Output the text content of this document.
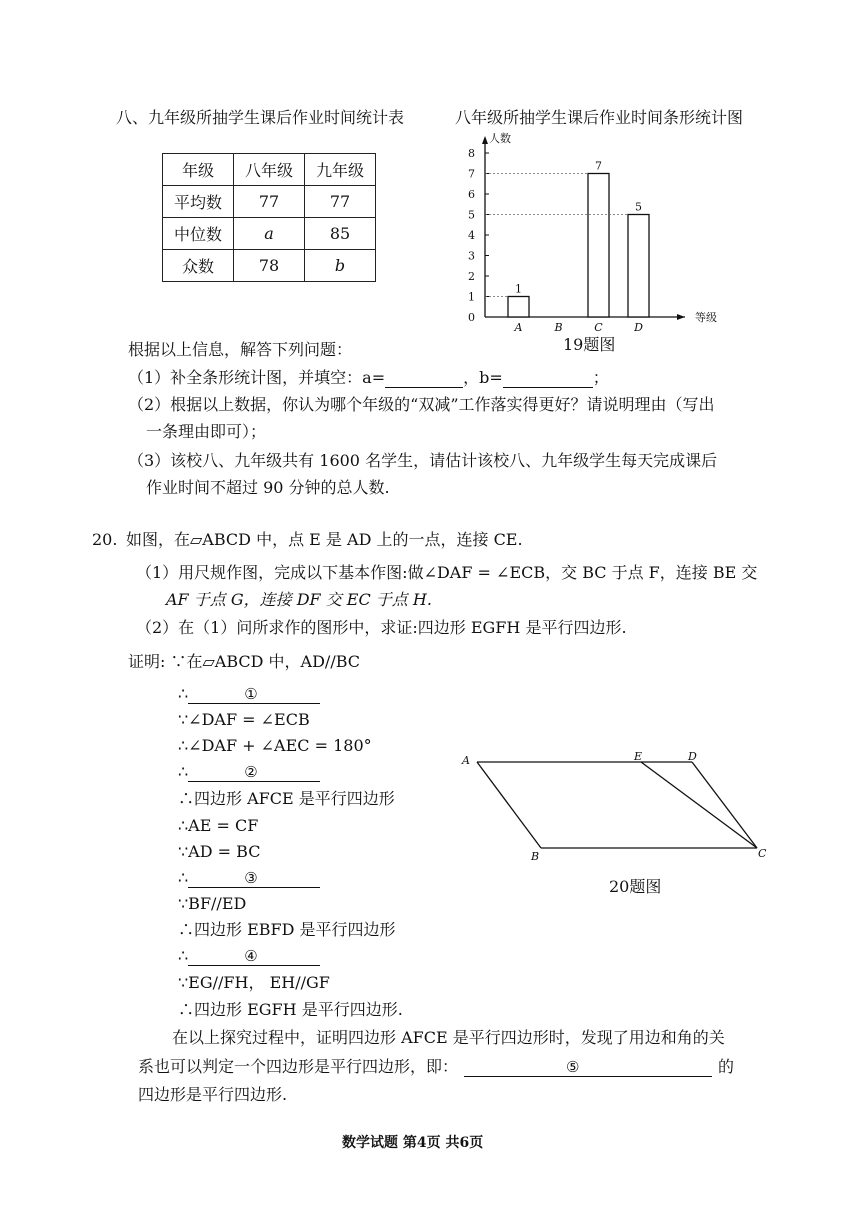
八、九年级所抽学生课后作业时间统计表
年级	八年级	九年级
平均数	77	77
中位数	a	85
众数	78	b
八年级所抽学生课后作业时间条形统计图
人数
等级
0
1
2
3
4
5
6
7
8
A
1
B	C
7
D
5
19题图
根据以上信息，解答下列问题：
（1）补全条形统计图，并填空：a=	，b=	；
（2）根据以上数据，你认为哪个年级的“双减”工作落实得更好？请说明理由（写出
一条理由即可）；
（3）该校八、九年级共有 1600 名学生，请估计该校八、九年级学生每天完成课后
作业时间不超过 90 分钟的总人数.
20. 如图，在▱ABCD 中，点 E 是 AD 上的一点，连接 CE.
（1）用尺规作图，完成以下基本作图:做∠DAF = ∠ECB，交 BC 于点 F，连接 BE 交
AF 于点 G，连接 DF 交 EC 于点 H.
（2）在（1）问所求作的图形中，求证:四边形 EGFH 是平行四边形.
证明: ∵在▱ABCD 中，AD//BC
∴	①
∵∠DAF = ∠ECB
∴∠DAF + ∠AEC = 180°
∴	②
∴四边形 AFCE 是平行四边形
∴AE = CF
∵AD = BC
∴	③
∵BF//ED
∴四边形 EBFD 是平行四边形
∴	④
∵EG//FH， EH//GF
∴四边形 EGFH 是平行四边形.
A	E	D
B	C
20题图
在以上探究过程中，证明四边形 AFCE 是平行四边形时，发现了用边和角的关
系也可以判定一个四边形是平行四边形，即：	⑤	的
四边形是平行四边形.
数学试题 第4页 共6页
